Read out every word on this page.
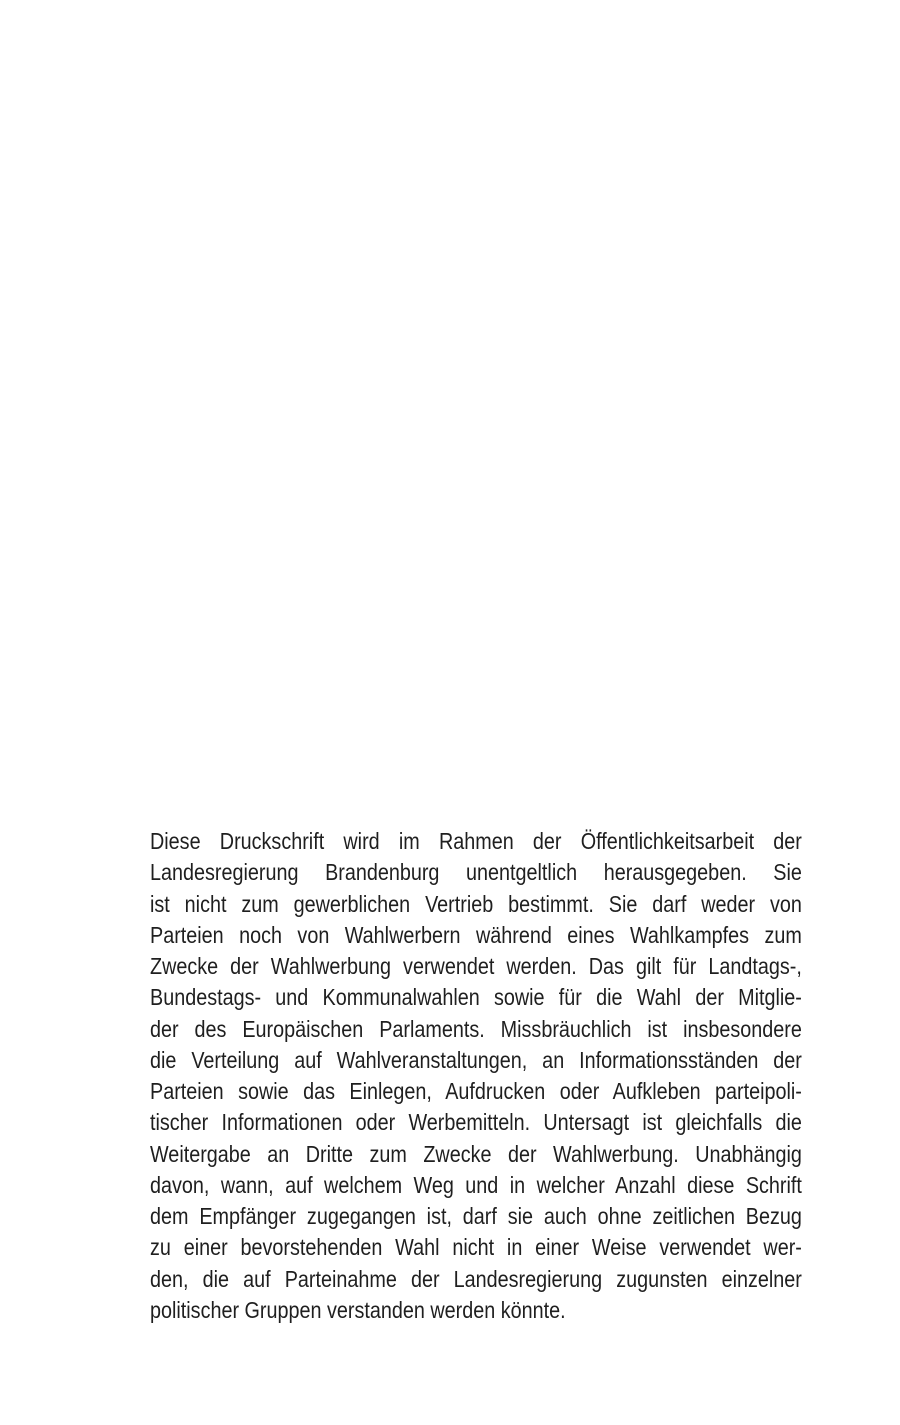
Diese Druckschrift wird im Rahmen der Öffentlichkeitsarbeit der
Landesregierung Brandenburg unentgeltlich herausgegeben. Sie
ist nicht zum gewerblichen Vertrieb bestimmt. Sie darf weder von
Parteien noch von Wahlwerbern während eines Wahlkampfes zum
Zwecke der Wahlwerbung verwendet werden. Das gilt für Landtags-,
Bundestags- und Kommunalwahlen sowie für die Wahl der Mitglie-
der des Europäischen Parlaments. Missbräuchlich ist insbesondere
die Verteilung auf Wahlveranstaltungen, an Informationsständen der
Parteien sowie das Einlegen, Aufdrucken oder Aufkleben parteipoli-
tischer Informationen oder Werbemitteln. Untersagt ist gleichfalls die
Weitergabe an Dritte zum Zwecke der Wahlwerbung. Unabhängig
davon, wann, auf welchem Weg und in welcher Anzahl diese Schrift
dem Empfänger zugegangen ist, darf sie auch ohne zeitlichen Bezug
zu einer bevorstehenden Wahl nicht in einer Weise verwendet wer-
den, die auf Parteinahme der Landesregierung zugunsten einzelner
politischer Gruppen verstanden werden könnte.
